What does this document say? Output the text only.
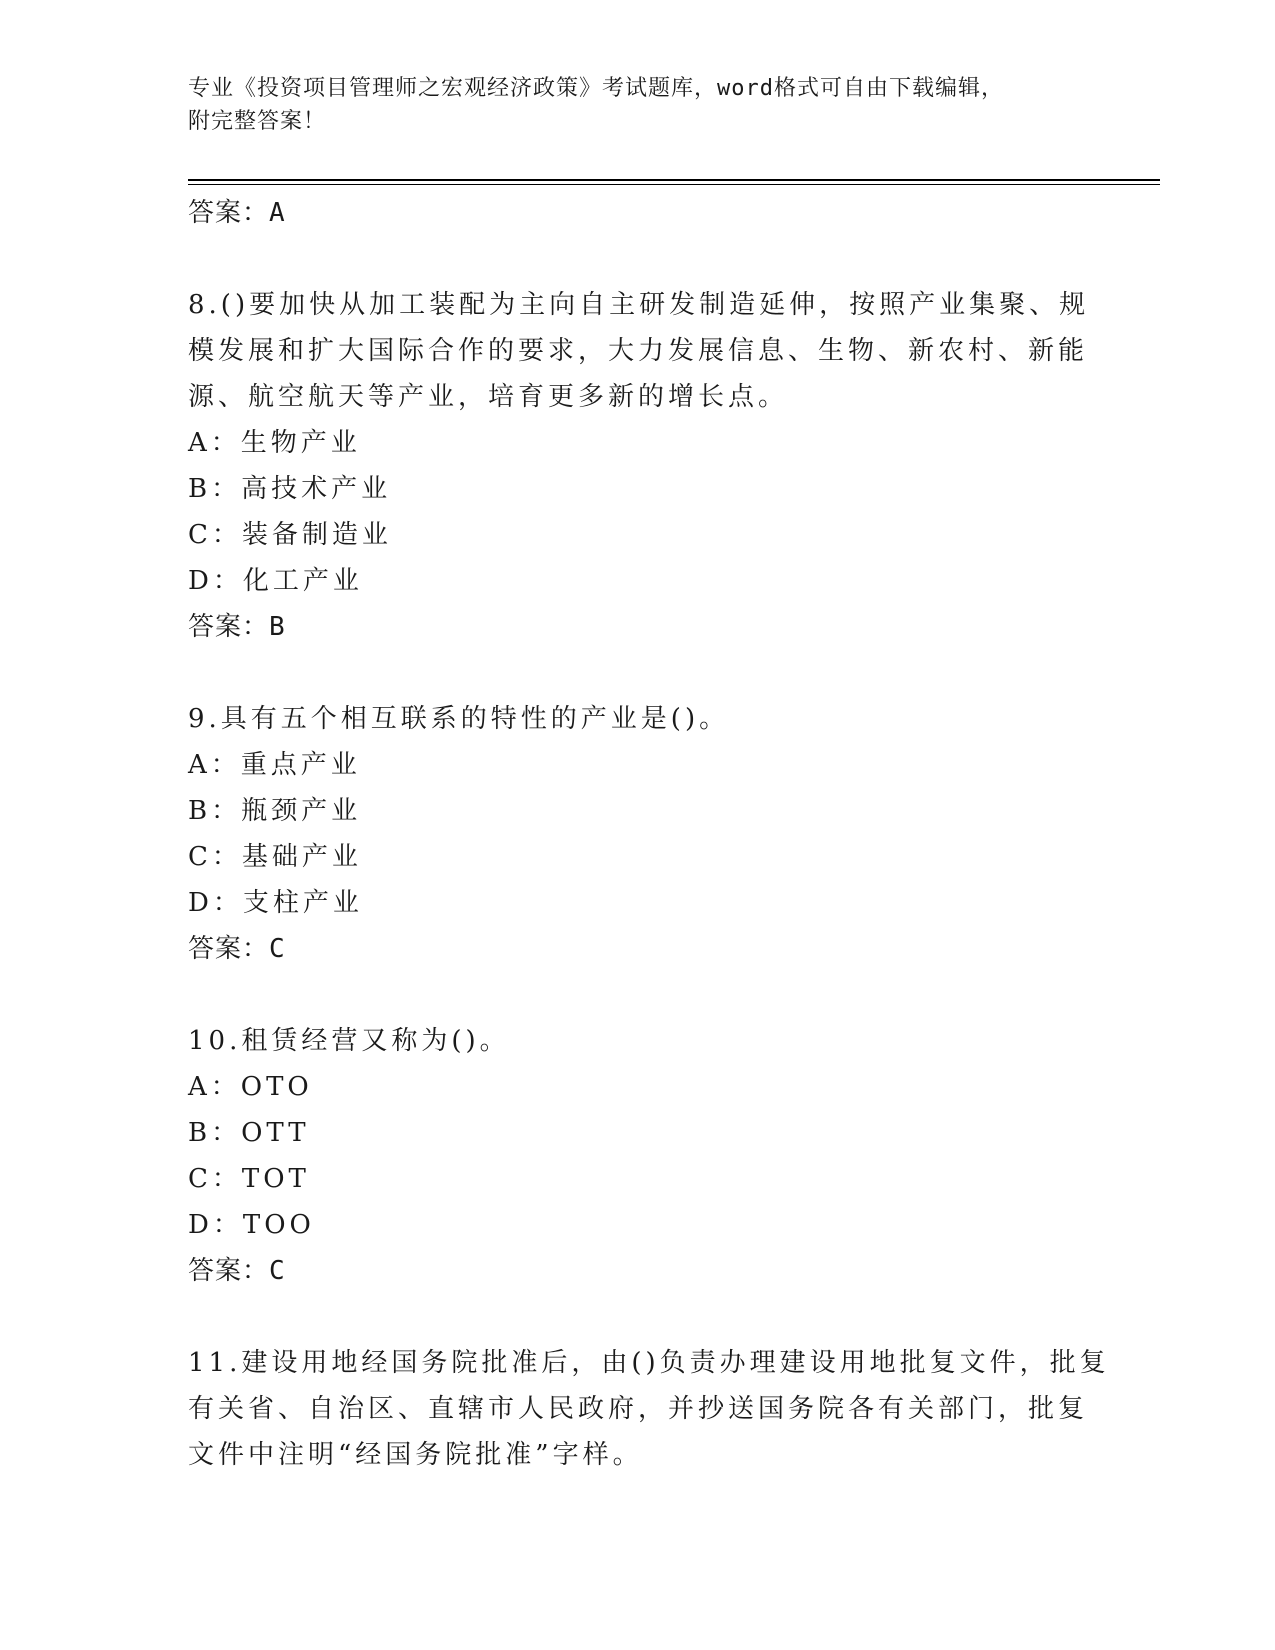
专业《投资项目管理师之宏观经济政策》考试题库，word格式可自由下载编辑，
附完整答案！
答案：A
8.()要加快从加工装配为主向自主研发制造延伸，按照产业集聚、规
模发展和扩大国际合作的要求，大力发展信息、生物、新农村、新能
源、航空航天等产业，培育更多新的增长点。
A：生物产业
B：高技术产业
C：装备制造业
D：化工产业
答案：B
9.具有五个相互联系的特性的产业是()。
A：重点产业
B：瓶颈产业
C：基础产业
D：支柱产业
答案：C
10.租赁经营又称为()。
A：OTO
B：OTT
C：TOT
D：TOO
答案：C
11.建设用地经国务院批准后，由()负责办理建设用地批复文件，批复
有关省、自治区、直辖市人民政府，并抄送国务院各有关部门，批复
文件中注明“经国务院批准”字样。
